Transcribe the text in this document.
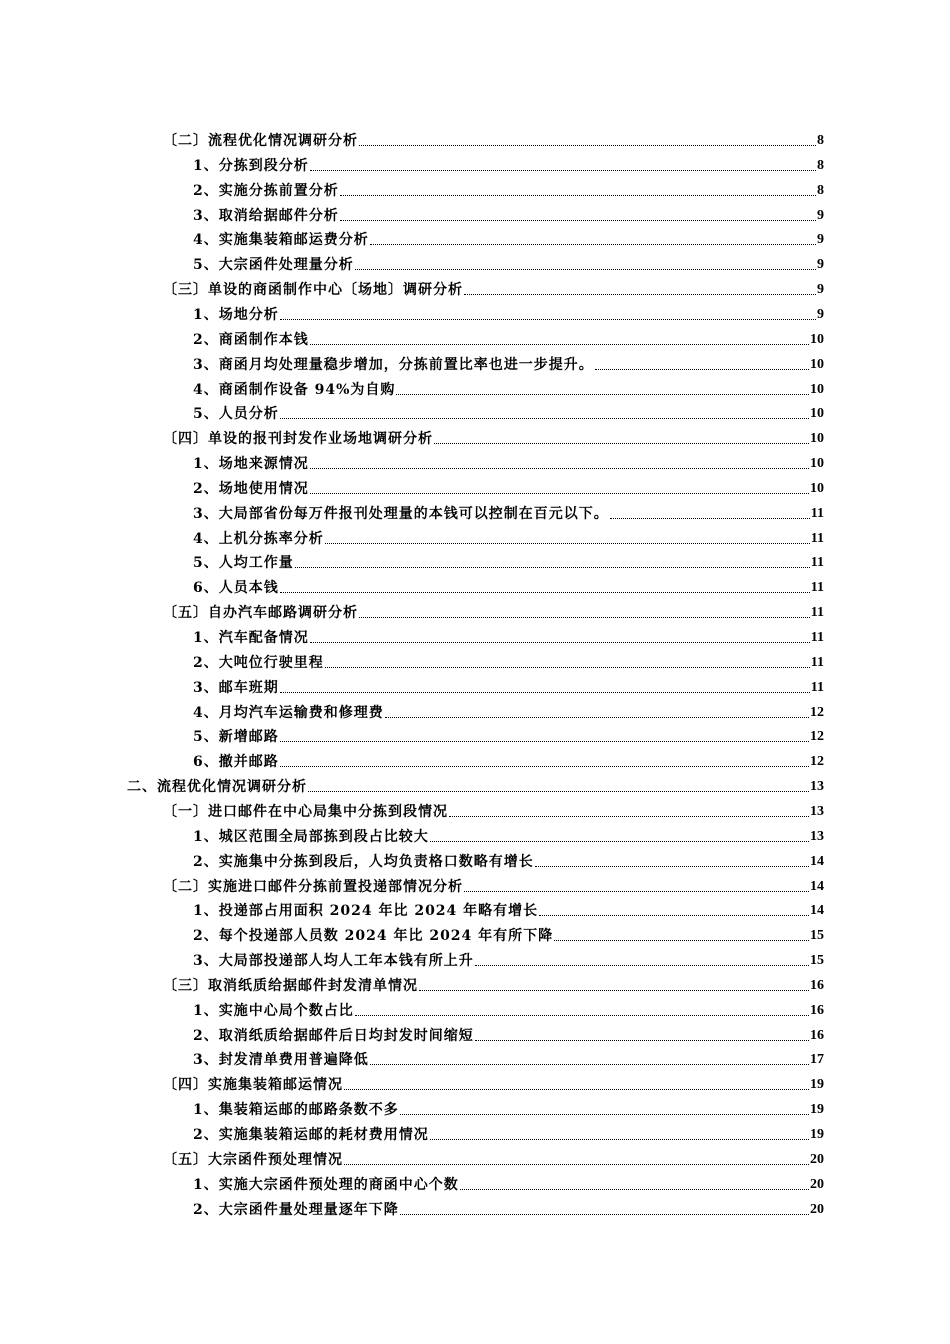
〔二〕流程优化情况调研分析	8
1、分拣到段分析	8
2、实施分拣前置分析	8
3、取消给据邮件分析	9
4、实施集装箱邮运费分析	9
5、大宗函件处理量分析	9
〔三〕单设的商函制作中心〔场地〕调研分析	9
1、场地分析	9
2、商函制作本钱	10
3、商函月均处理量稳步增加，分拣前置比率也进一步提升。	10
4、商函制作设备 94%为自购	10
5、人员分析	10
〔四〕单设的报刊封发作业场地调研分析	10
1、场地来源情况	10
2、场地使用情况	10
3、大局部省份每万件报刊处理量的本钱可以控制在百元以下。	11
4、上机分拣率分析	11
5、人均工作量	11
6、人员本钱	11
〔五〕自办汽车邮路调研分析	11
1、汽车配备情况	11
2、大吨位行驶里程	11
3、邮车班期	11
4、月均汽车运输费和修理费	12
5、新增邮路	12
6、撤并邮路	12
二、流程优化情况调研分析	13
〔一〕进口邮件在中心局集中分拣到段情况	13
1、城区范围全局部拣到段占比较大	13
2、实施集中分拣到段后，人均负责格口数略有增长	14
〔二〕实施进口邮件分拣前置投递部情况分析	14
1、投递部占用面积 2024 年比 2024 年略有增长	14
2、每个投递部人员数 2024 年比 2024 年有所下降	15
3、大局部投递部人均人工年本钱有所上升	15
〔三〕取消纸质给据邮件封发清单情况	16
1、实施中心局个数占比	16
2、取消纸质给据邮件后日均封发时间缩短	16
3、封发清单费用普遍降低	17
〔四〕实施集装箱邮运情况	19
1、集装箱运邮的邮路条数不多	19
2、实施集装箱运邮的耗材费用情况	19
〔五〕大宗函件预处理情况	20
1、实施大宗函件预处理的商函中心个数	20
2、大宗函件量处理量逐年下降	20
